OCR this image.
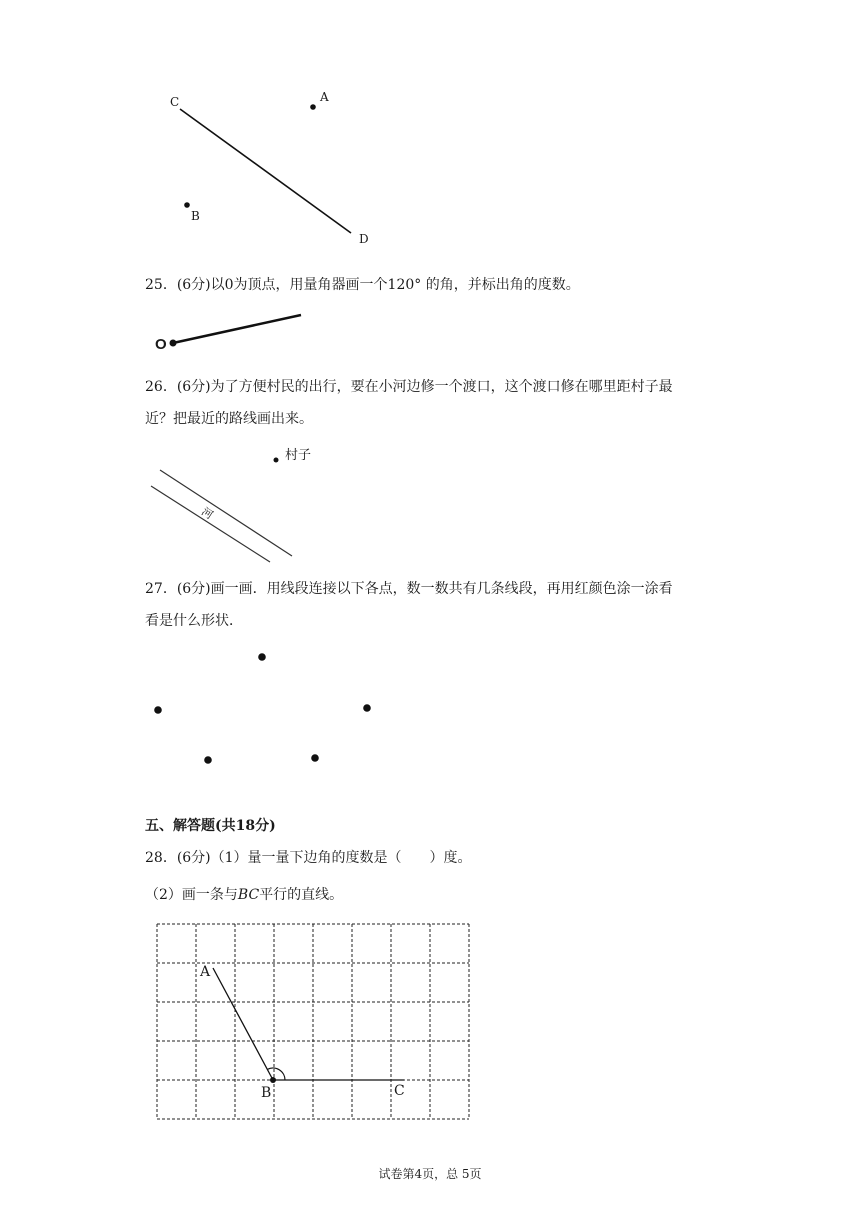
C	A
B
D
25．(6分)以0为顶点，用量角器画一个120° 的角，并标出角的度数。
O
26．(6分)为了方便村民的出行，要在小河边修一个渡口，这个渡口修在哪里距村子最
近？把最近的路线画出来。
村子
河
27．(6分)画一画．用线段连接以下各点，数一数共有几条线段，再用红颜色涂一涂看
看是什么形状．
五、解答题(共18分)
28．(6分)（1）量一量下边角的度数是（　　）度。
（2）画一条与BC平行的直线。
A
B	C
试卷第4页，总 5页
